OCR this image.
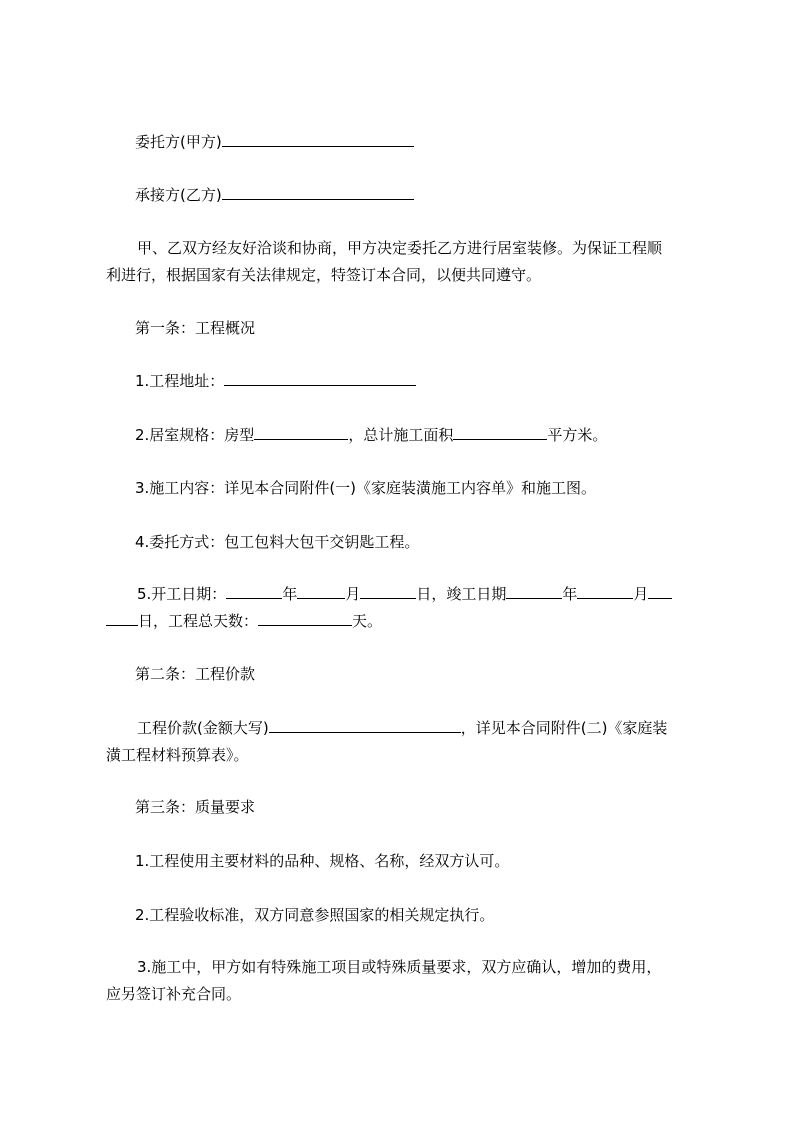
委托方(甲方)
承接方(乙方)
甲、乙双方经友好洽谈和协商，甲方决定委托乙方进行居室装修。为保证工程顺
利进行，根据国家有关法律规定，特签订本合同，以便共同遵守。
第一条：工程概况
1.工程地址：
2.居室规格：房型	，总计施工面积	平方米。
3.施工内容：详见本合同附件(一)《家庭装潢施工内容单》和施工图。
4.委托方式：包工包料大包干交钥匙工程。
5.开工日期：	年	月	日，竣工日期	年	月
日，工程总天数：	天。
第二条：工程价款
工程价款(金额大写)	，详见本合同附件(二)《家庭装
潢工程材料预算表》。
第三条：质量要求
1.工程使用主要材料的品种、规格、名称，经双方认可。
2.工程验收标准，双方同意参照国家的相关规定执行。
3.施工中，甲方如有特殊施工项目或特殊质量要求，双方应确认，增加的费用，
应另签订补充合同。
